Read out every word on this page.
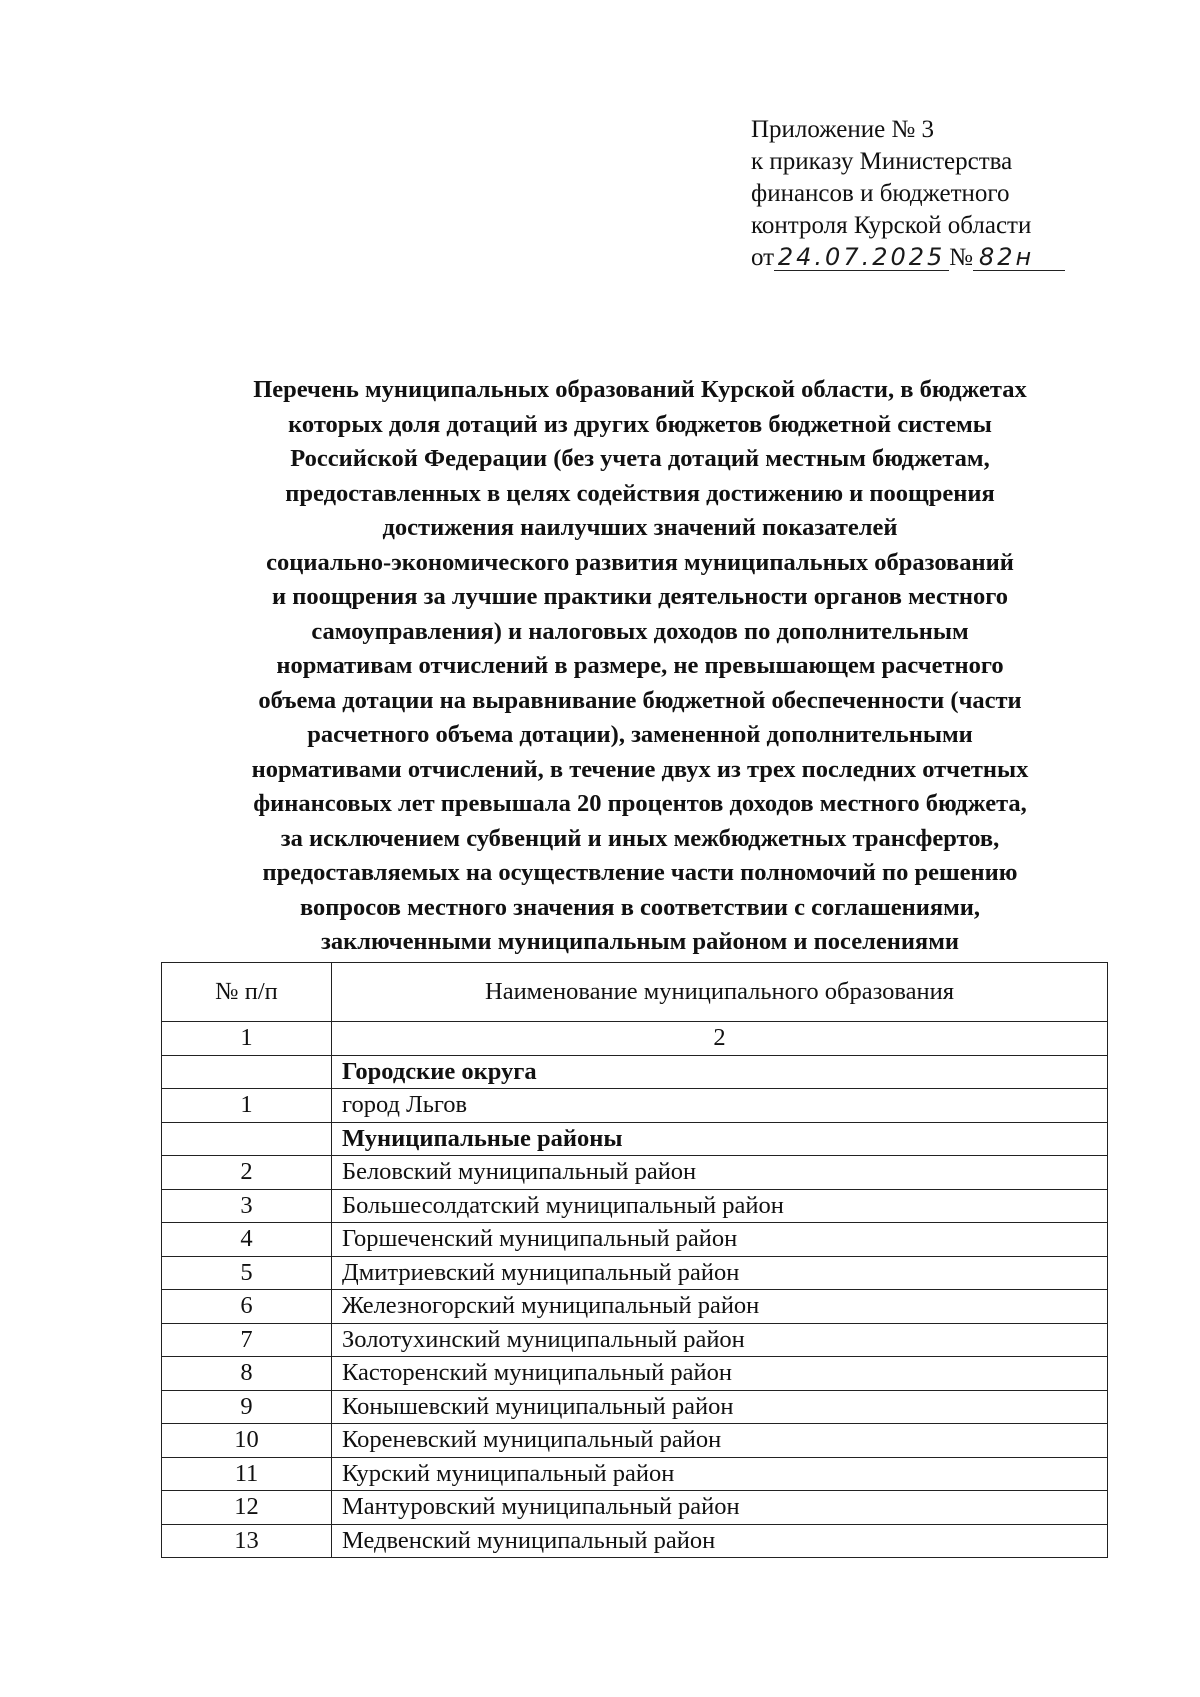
Приложение № 3
к приказу Министерства
финансов и бюджетного
контроля Курской области
от 24.07.2025 № 82н
Перечень муниципальных образований Курской области, в бюджетах
которых доля дотаций из других бюджетов бюджетной системы
Российской Федерации (без учета дотаций местным бюджетам,
предоставленных в целях содействия достижению и поощрения
достижения наилучших значений показателей
социально-экономического развития муниципальных образований
и поощрения за лучшие практики деятельности органов местного
самоуправления) и налоговых доходов по дополнительным
нормативам отчислений в размере, не превышающем расчетного
объема дотации на выравнивание бюджетной обеспеченности (части
расчетного объема дотации), замененной дополнительными
нормативами отчислений, в течение двух из трех последних отчетных
финансовых лет превышала 20 процентов доходов местного бюджета,
за исключением субвенций и иных межбюджетных трансфертов,
предоставляемых на осуществление части полномочий по решению
вопросов местного значения в соответствии с соглашениями,
заключенными муниципальным районом и поселениями
№ п/п	Наименование муниципального образования
1	2
	Городские округа
1	город Льгов
	Муниципальные районы
2	Беловский муниципальный район
3	Большесолдатский муниципальный район
4	Горшеченский муниципальный район
5	Дмитриевский муниципальный район
6	Железногорский муниципальный район
7	Золотухинский муниципальный район
8	Касторенский муниципальный район
9	Конышевский муниципальный район
10	Кореневский муниципальный район
11	Курский муниципальный район
12	Мантуровский муниципальный район
13	Медвенский муниципальный район
